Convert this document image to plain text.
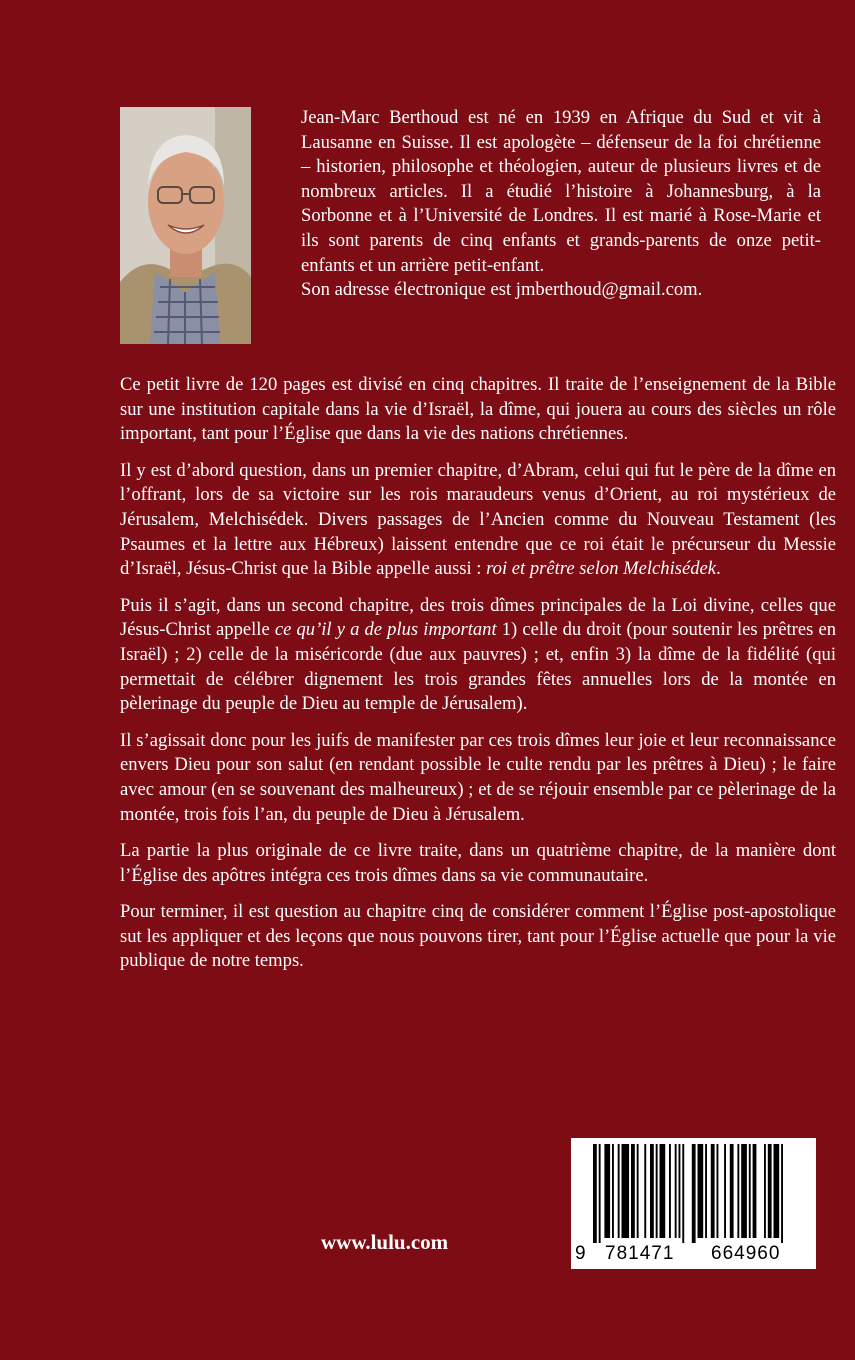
Jean-Marc Berthoud est né en 1939 en Afrique du Sud et vit à Lausanne en Suisse. Il est apologète – défenseur de la foi chrétienne – historien, philosophe et théologien, auteur de plusieurs livres et de nombreux articles. Il a étudié l’histoire à Johannesburg, à la Sorbonne et à l’Université de Londres. Il est marié à Rose-Marie et ils sont parents de cinq enfants et grands-parents de onze petit-enfants et un arrière petit-enfant.
Son adresse électronique est jmberthoud@gmail.com.

Ce petit livre de 120 pages est divisé en cinq chapitres. Il traite de l’enseignement de la Bible sur une institution capitale dans la vie d’Israël, la dîme, qui jouera au cours des siècles un rôle important, tant pour l’Église que dans la vie des nations chrétiennes.

Il y est d’abord question, dans un premier chapitre, d’Abram, celui qui fut le père de la dîme en l’offrant, lors de sa victoire sur les rois maraudeurs venus d’Orient, au roi mystérieux de Jérusalem, Melchisédek. Divers passages de l’Ancien comme du Nouveau Testament (les Psaumes et la lettre aux Hébreux) laissent entendre que ce roi était le précurseur du Messie d’Israël, Jésus-Christ que la Bible appelle aussi : roi et prêtre selon Melchisédek.

Puis il s’agit, dans un second chapitre, des trois dîmes principales de la Loi divine, celles que Jésus-Christ appelle ce qu’il y a de plus important 1) celle du droit (pour soutenir les prêtres en Israël) ; 2) celle de la miséricorde (due aux pauvres) ; et, enfin 3) la dîme de la fidélité (qui permettait de célébrer dignement les trois grandes fêtes annuelles lors de la montée en pèlerinage du peuple de Dieu au temple de Jérusalem).

Il s’agissait donc pour les juifs de manifester par ces trois dîmes leur joie et leur reconnaissance envers Dieu pour son salut (en rendant possible le culte rendu par les prêtres à Dieu) ; le faire avec amour (en se souvenant des malheureux) ; et de se réjouir ensemble par ce pèlerinage de la montée, trois fois l’an, du peuple de Dieu à Jérusalem.

La partie la plus originale de ce livre traite, dans un quatrième chapitre, de la manière dont l’Église des apôtres intégra ces trois dîmes dans sa vie communautaire.

Pour terminer, il est question au chapitre cinq de considérer comment l’Église post-apostolique sut les appliquer et des leçons que nous pouvons tirer, tant pour l’Église actuelle que pour la vie publique de notre temps.

www.lulu.com	9 781471 664960
